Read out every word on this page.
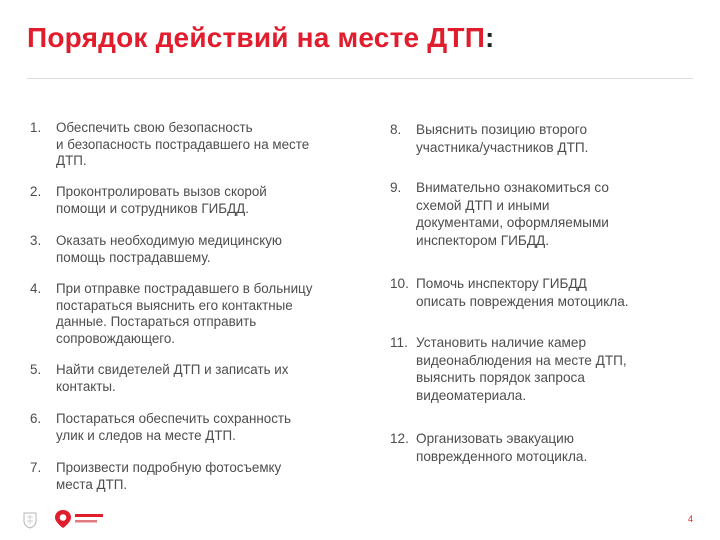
Порядок действий на месте ДТП:
1.	Обеспечить свою безопасность
и безопасность пострадавшего на месте
ДТП.
2.	Проконтролировать вызов скорой
помощи и сотрудников ГИБДД.
3.	Оказать необходимую медицинскую
помощь пострадавшему.
4.	При отправке пострадавшего в больницу
постараться выяснить его контактные
данные. Постараться отправить
сопровождающего.
5.	Найти свидетелей ДТП и записать их
контакты.
6.	Постараться обеспечить сохранность
улик и следов на месте ДТП.
7.	Произвести подробную фотосъемку
места ДТП.
8.	Выяснить позицию второго
участника/участников ДТП.
9.	Внимательно ознакомиться со
схемой ДТП и иными
документами, оформляемыми
инспектором ГИБДД.
10. Помочь инспектору ГИБДД
описать повреждения мотоцикла.
11. Установить наличие камер
видеонаблюдения на месте ДТП,
выяснить порядок запроса
видеоматериала.
12. Организовать эвакуацию
поврежденного мотоцикла.
4
